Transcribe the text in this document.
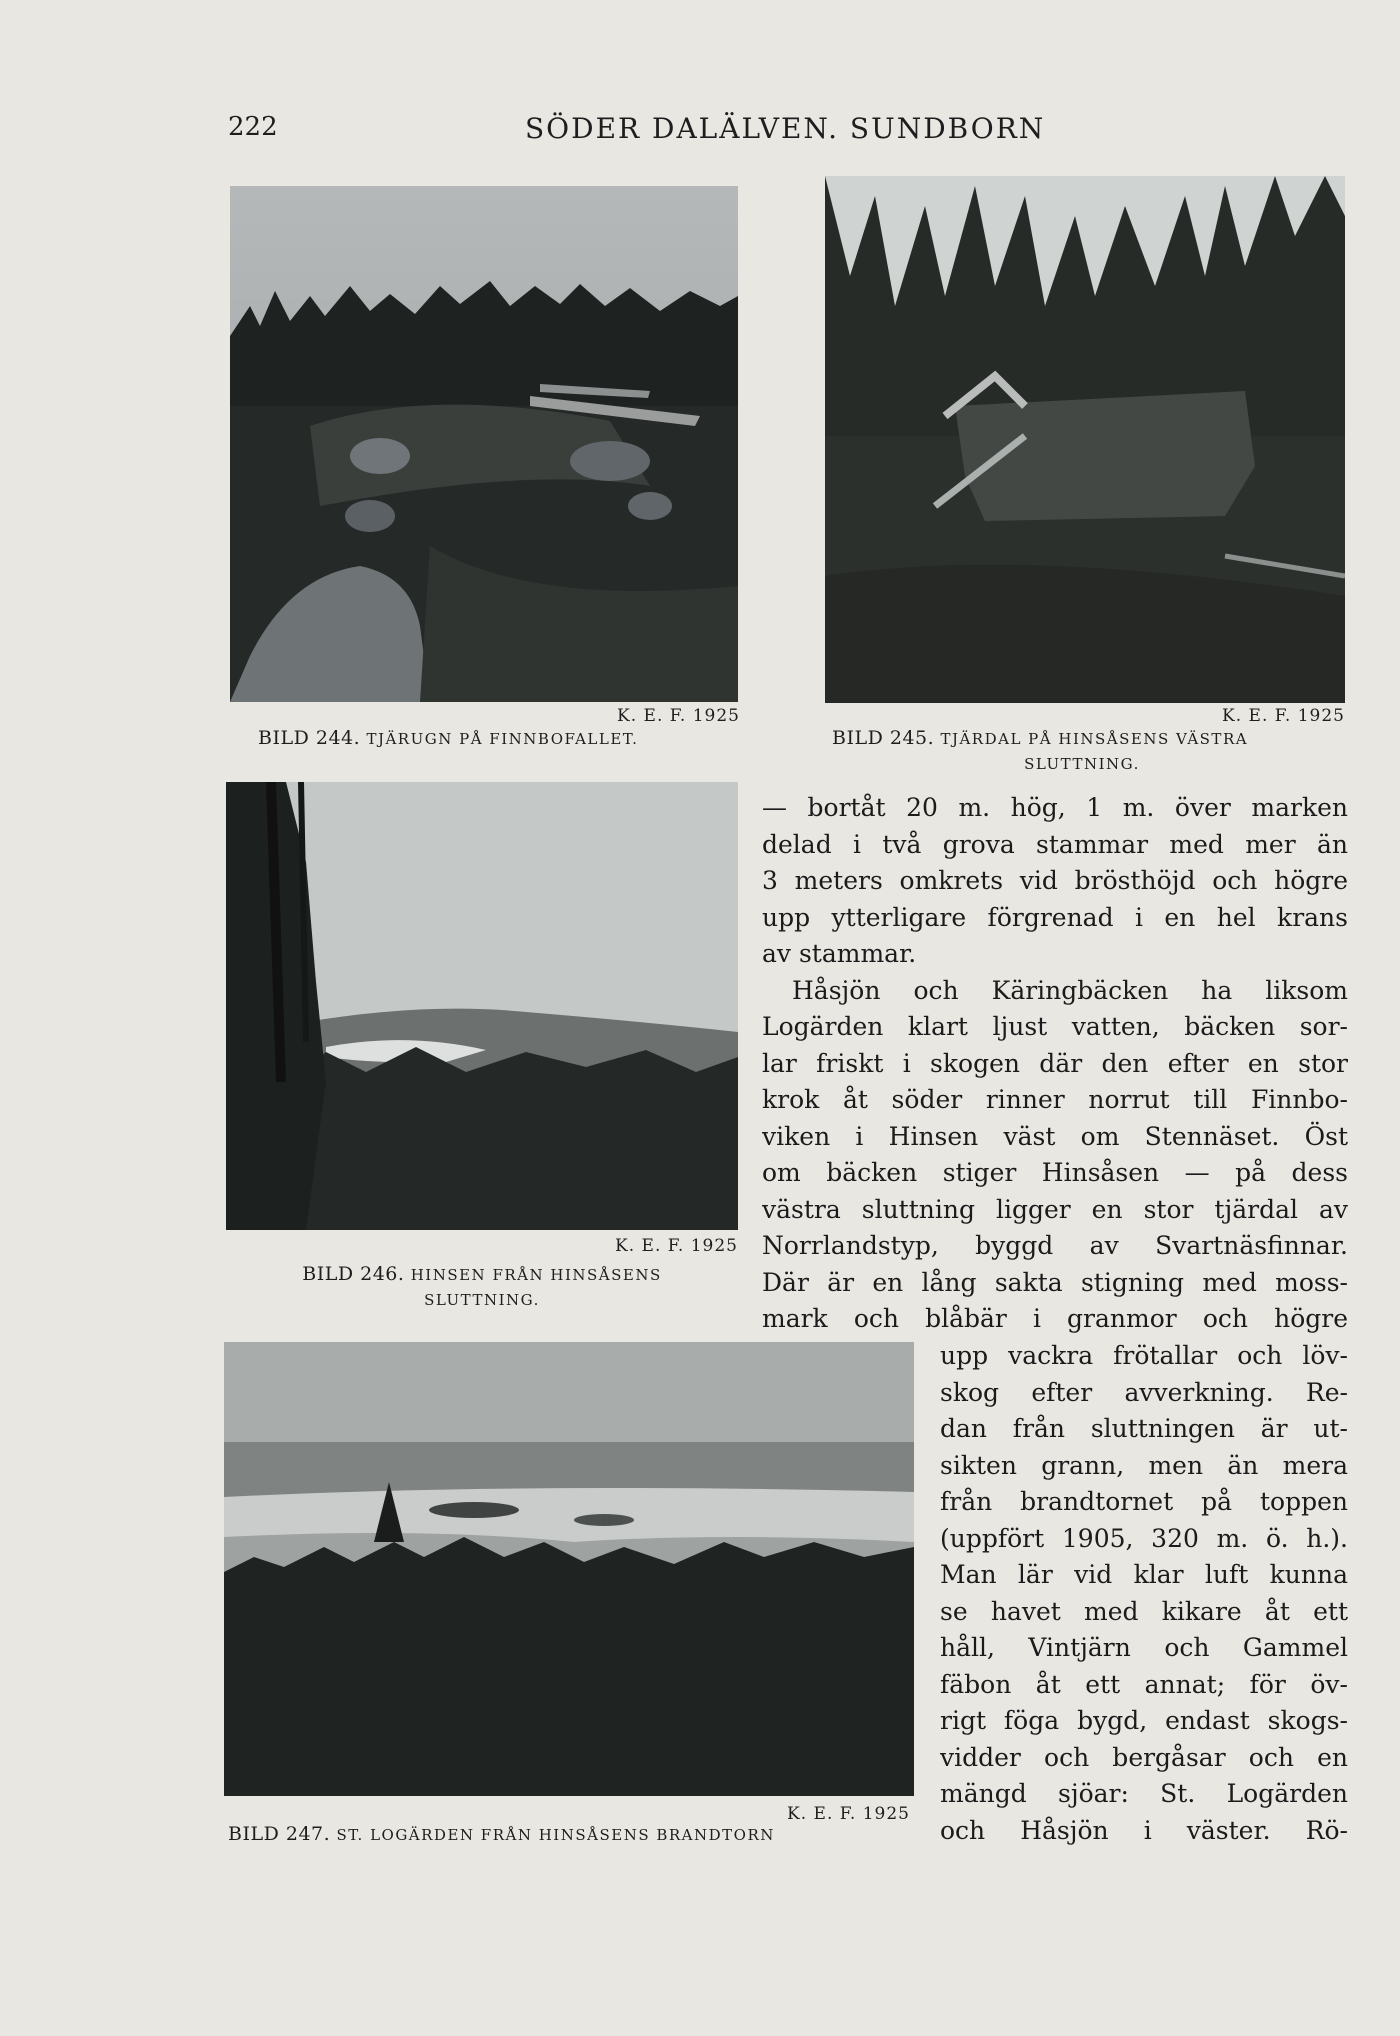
222	SÖDER DALÄLVEN. SUNDBORN
K. E. F. 1925
BILD 244. TJÄRUGN PÅ FINNBOFALLET.
K. E. F. 1925
BILD 245. TJÄRDAL PÅ HINSÅSENS VÄSTRA
SLUTTNING.
K. E. F. 1925
BILD 246. HINSEN FRÅN HINSÅSENS
SLUTTNING.
K. E. F. 1925
BILD 247. ST. LOGÄRDEN FRÅN HINSÅSENS BRANDTORN
— bortåt 20 m. hög, 1 m. över marken
delad i två grova stammar med mer än
3 meters omkrets vid brösthöjd och högre
upp ytterligare förgrenad i en hel krans
av stammar.
Håsjön och Käringbäcken ha liksom
Logärden klart ljust vatten, bäcken sor-
lar friskt i skogen där den efter en stor
krok åt söder rinner norrut till Finnbo-
viken i Hinsen väst om Stennäset. Öst
om bäcken stiger Hinsåsen — på dess
västra sluttning ligger en stor tjärdal av
Norrlandstyp, byggd av Svartnäsfinnar.
Där är en lång sakta stigning med moss-
mark och blåbär i granmor och högre
upp vackra frötallar och löv-
skog efter avverkning. Re-
dan från sluttningen är ut-
sikten grann, men än mera
från brandtornet på toppen
(uppfört 1905, 320 m. ö. h.).
Man lär vid klar luft kunna
se havet med kikare åt ett
håll, Vintjärn och Gammel
fäbon åt ett annat; för öv-
rigt föga bygd, endast skogs-
vidder och bergåsar och en
mängd sjöar: St. Logärden
och Håsjön i väster. Rö-
